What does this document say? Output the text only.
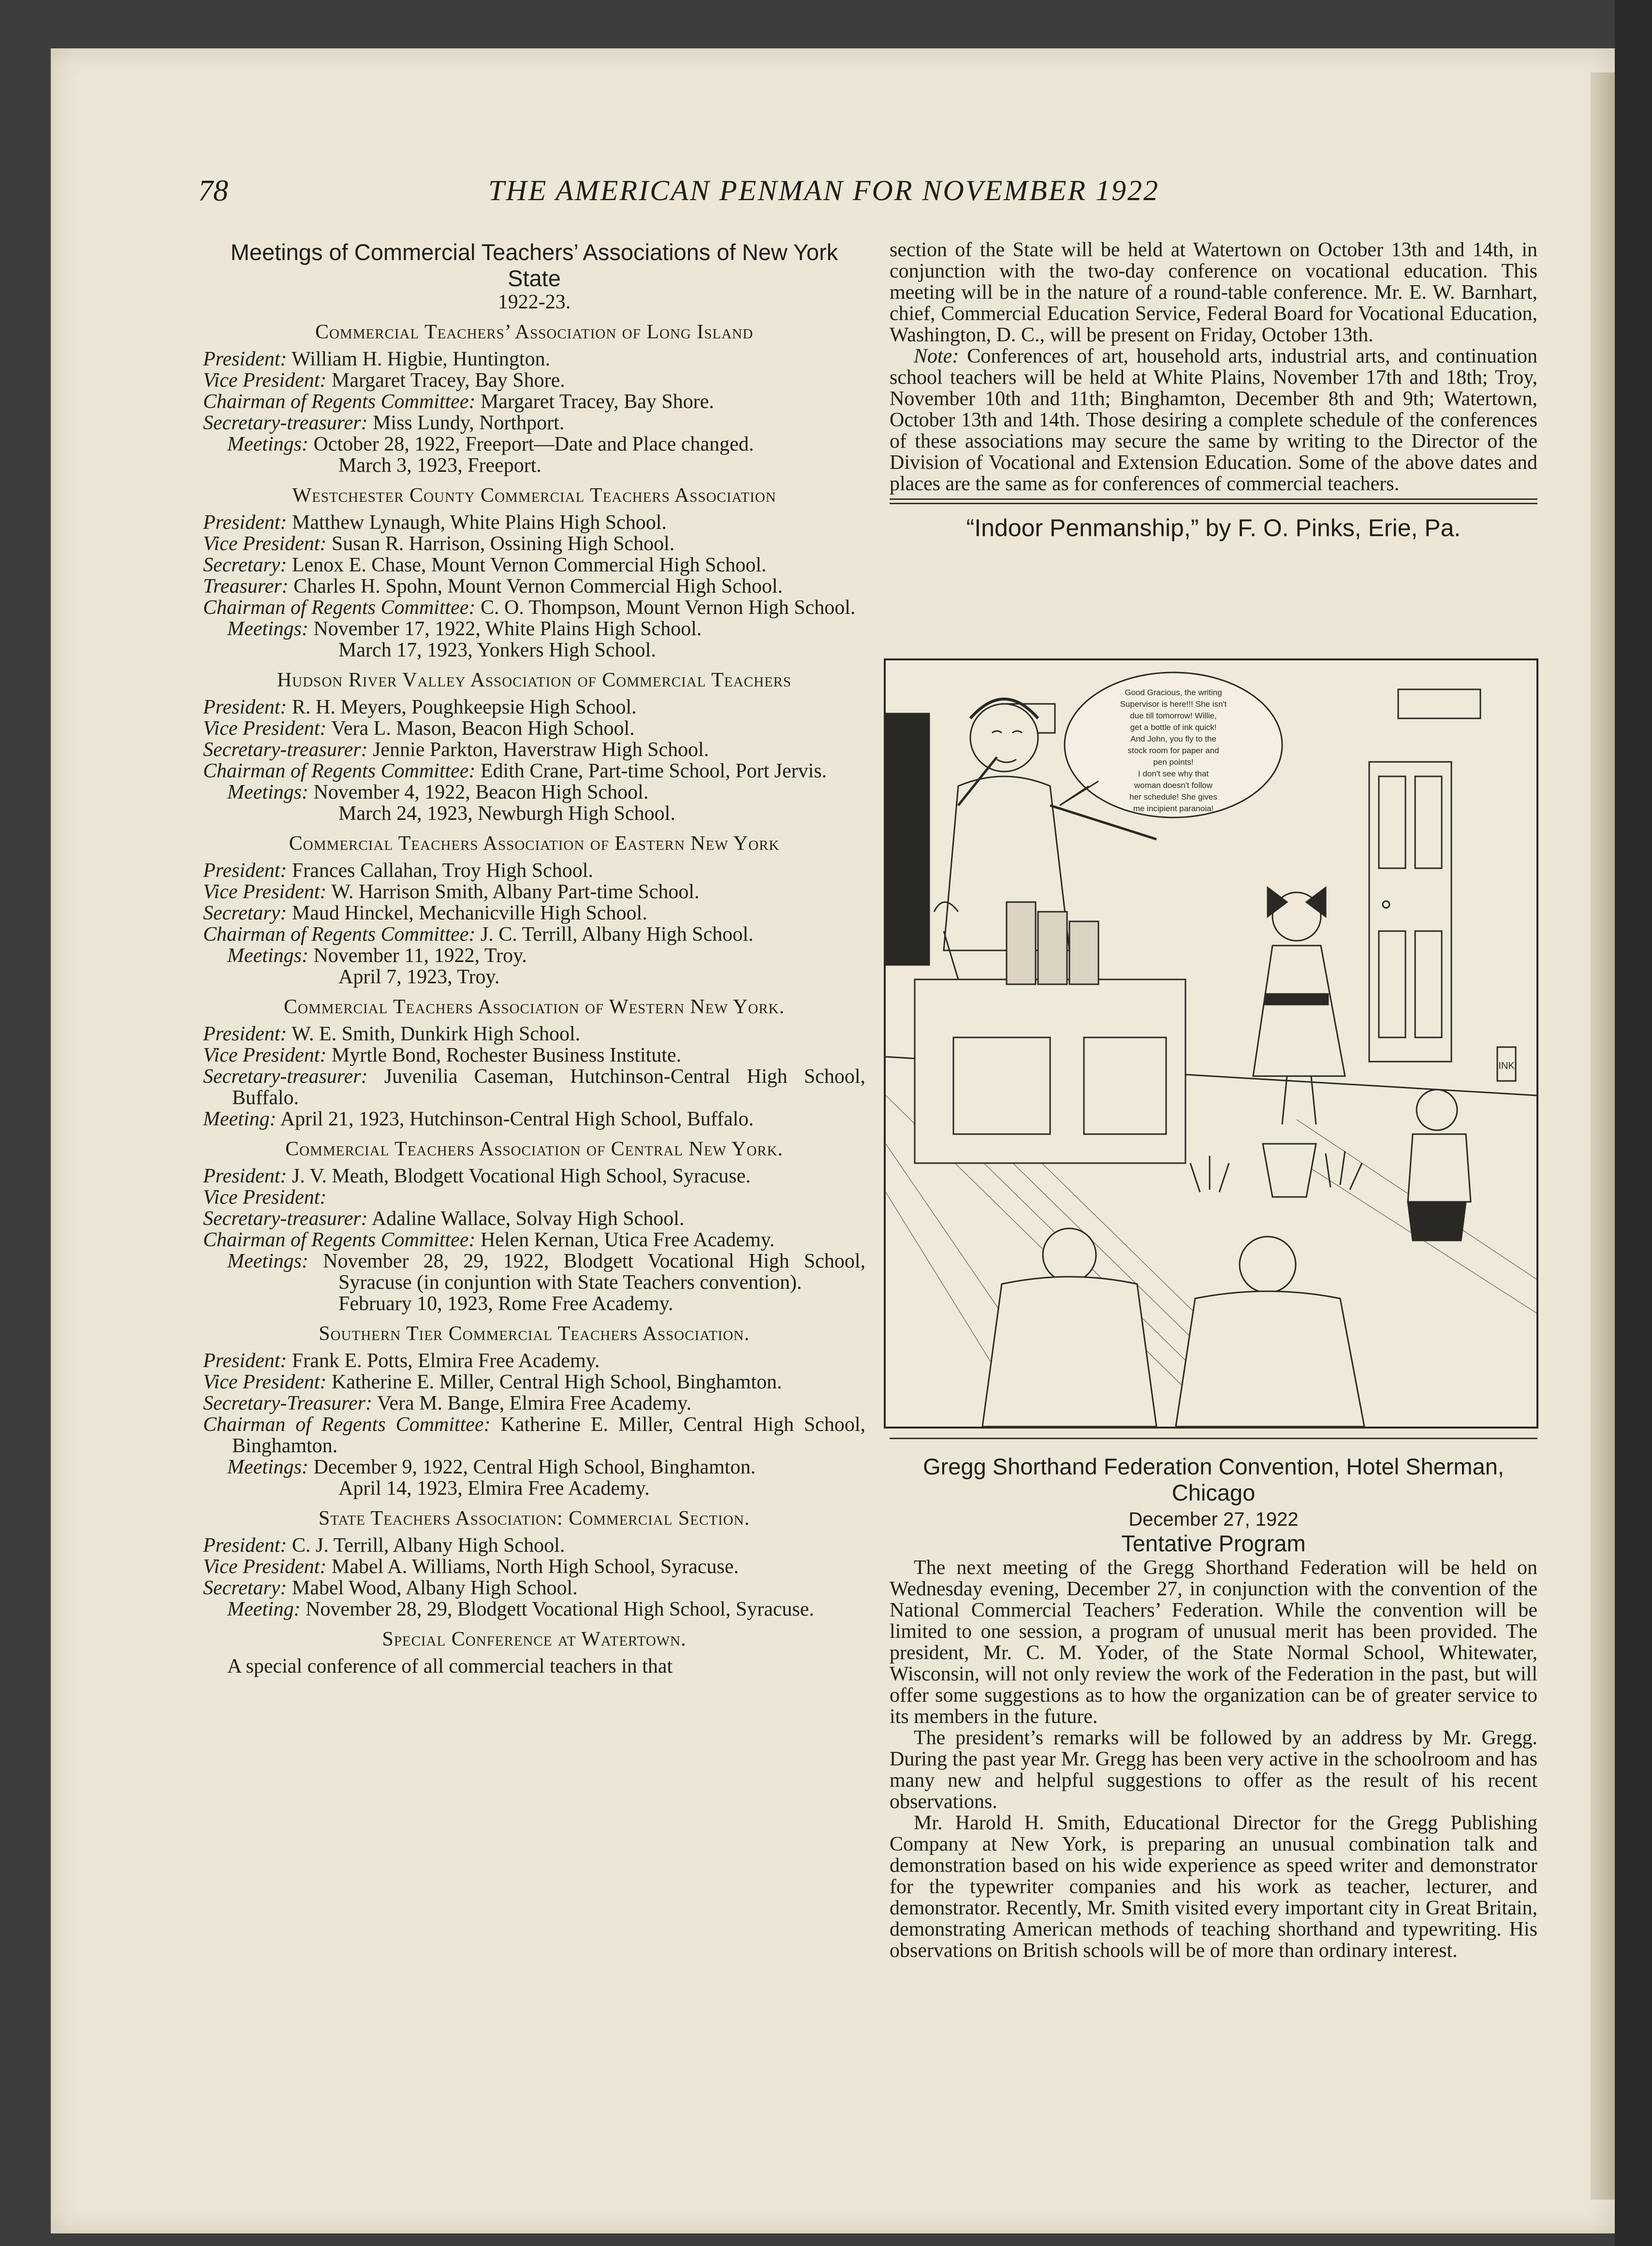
78	THE AMERICAN PENMAN FOR NOVEMBER 1922
Meetings of Commercial Teachers’ Associations of New York State

1922-23.

Commercial Teachers’ Association of Long Island

President: William H. Higbie, Huntington.

Vice President: Margaret Tracey, Bay Shore.

Chairman of Regents Committee: Margaret Tracey, Bay Shore.

Secretary-treasurer: Miss Lundy, Northport.

Meetings: October 28, 1922, Freeport—Date and Place changed.

March 3, 1923, Freeport.

Westchester County Commercial Teachers Association

President: Matthew Lynaugh, White Plains High School.

Vice President: Susan R. Harrison, Ossining High School.

Secretary: Lenox E. Chase, Mount Vernon Commercial High School.

Treasurer: Charles H. Spohn, Mount Vernon Commercial High School.

Chairman of Regents Committee: C. O. Thompson, Mount Vernon High School.

Meetings: November 17, 1922, White Plains High School.

March 17, 1923, Yonkers High School.

Hudson River Valley Association of Commercial Teachers

President: R. H. Meyers, Poughkeepsie High School.

Vice President: Vera L. Mason, Beacon High School.

Secretary-treasurer: Jennie Parkton, Haverstraw High School.

Chairman of Regents Committee: Edith Crane, Part-time School, Port Jervis.

Meetings: November 4, 1922, Beacon High School.

March 24, 1923, Newburgh High School.

Commercial Teachers Association of Eastern New York

President: Frances Callahan, Troy High School.

Vice President: W. Harrison Smith, Albany Part-time School.

Secretary: Maud Hinckel, Mechanicville High School.

Chairman of Regents Committee: J. C. Terrill, Albany High School.

Meetings: November 11, 1922, Troy.

April 7, 1923, Troy.

Commercial Teachers Association of Western New York.

President: W. E. Smith, Dunkirk High School.

Vice President: Myrtle Bond, Rochester Business Institute.

Secretary-treasurer: Juvenilia Caseman, Hutchinson-Central High School, Buffalo.

Meeting: April 21, 1923, Hutchinson-Central High School, Buffalo.

Commercial Teachers Association of Central New York.

President: J. V. Meath, Blodgett Vocational High School, Syracuse.

Vice President:

Secretary-treasurer: Adaline Wallace, Solvay High School.

Chairman of Regents Committee: Helen Kernan, Utica Free Academy.

Meetings: November 28, 29, 1922, Blodgett Vocational High School, Syracuse (in conjuntion with State Teachers convention).

February 10, 1923, Rome Free Academy.

Southern Tier Commercial Teachers Association.

President: Frank E. Potts, Elmira Free Academy.

Vice President: Katherine E. Miller, Central High School, Binghamton.

Secretary-Treasurer: Vera M. Bange, Elmira Free Academy.

Chairman of Regents Committee: Katherine E. Miller, Central High School, Binghamton.

Meetings: December 9, 1922, Central High School, Binghamton.

April 14, 1923, Elmira Free Academy.

State Teachers Association: Commercial Section.

President: C. J. Terrill, Albany High School.

Vice President: Mabel A. Williams, North High School, Syracuse.

Secretary: Mabel Wood, Albany High School.

Meeting: November 28, 29, Blodgett Vocational High School, Syracuse.

Special Conference at Watertown.

A special conference of all commercial teachers in that

section of the State will be held at Watertown on October 13th and 14th, in conjunction with the two-day conference on vocational education. This meeting will be in the nature of a round-table conference. Mr. E. W. Barnhart, chief, Commercial Education Service, Federal Board for Vocational Education, Washington, D. C., will be present on Friday, October 13th.

Note: Conferences of art, household arts, industrial arts, and continuation school teachers will be held at White Plains, November 17th and 18th; Troy, November 10th and 11th; Binghamton, December 8th and 9th; Watertown, October 13th and 14th. Those desiring a complete schedule of the conferences of these associations may secure the same by writing to the Director of the Division of Vocational and Extension Education. Some of the above dates and places are the same as for conferences of commercial teachers.

“Indoor Penmanship,” by F. O. Pinks, Erie, Pa.
Good Gracious, the writing
Supervisor is here!!! She isn't
due till tomorrow! Willie,
get a bottle of ink quick!
And John, you fly to the
stock room for paper and
pen points!
I don't see why that
woman doesn't follow
her schedule! She gives
me incipient paranoia!
INK
Gregg Shorthand Federation Convention, Hotel Sherman, Chicago

December 27, 1922

Tentative Program

The next meeting of the Gregg Shorthand Federation will be held on Wednesday evening, December 27, in conjunction with the convention of the National Commercial Teachers’ Federation. While the convention will be limited to one session, a program of unusual merit has been provided. The president, Mr. C. M. Yoder, of the State Normal School, Whitewater, Wisconsin, will not only review the work of the Federation in the past, but will offer some suggestions as to how the organization can be of greater service to its members in the future.

The president’s remarks will be followed by an address by Mr. Gregg. During the past year Mr. Gregg has been very active in the schoolroom and has many new and helpful suggestions to offer as the result of his recent observations.

Mr. Harold H. Smith, Educational Director for the Gregg Publishing Company at New York, is preparing an unusual combination talk and demonstration based on his wide experience as speed writer and demonstrator for the typewriter companies and his work as teacher, lecturer, and demonstrator. Recently, Mr. Smith visited every important city in Great Britain, demonstrating American methods of teaching shorthand and typewriting. His observations on British schools will be of more than ordinary interest.
